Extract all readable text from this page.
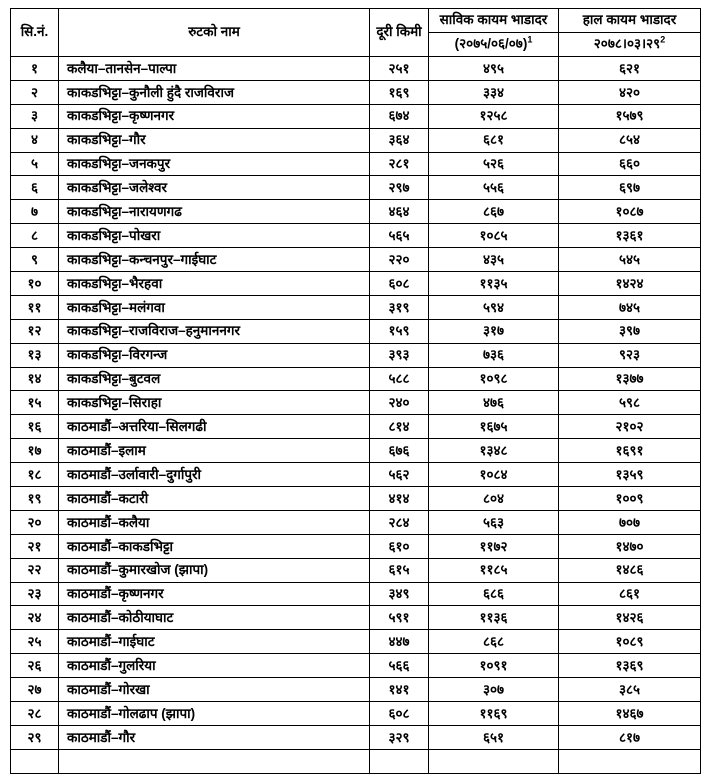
सि.नं.	रुटको नाम	दूरी किमी	साविक कायम भाडादर	हाल कायम भाडादर
			(२०७५/०६/०७)$^1$	२०७८।०३।२९$^2$
१	कलैया–तानसेन–पाल्पा	२५१	४९५	६२१
२	काकडभिट्टा–कुनौली हुंदै राजविराज	१६९	३३४	४२०
३	काकडभिट्टा–कृष्णनगर	६७४	१२५८	१५७९
४	काकडभिट्टा–गौर	३६४	६८१	८५४
५	काकडभिट्टा–जनकपुर	२८१	५२६	६६०
६	काकडभिट्टा–जलेश्वर	२९७	५५६	६९७
७	काकडभिट्टा–नारायणगढ	४६४	८६७	१०८७
८	काकडभिट्टा–पोखरा	५६५	१०८५	१३६१
९	काकडभिट्टा–कन्चनपुर–गाईघाट	२२०	४३५	५४५
१०	काकडभिट्टा–भैरहवा	६०८	११३५	१४२४
११	काकडभिट्टा–मलंगवा	३१९	५९४	७४५
१२	काकडभिट्टा–राजविराज–हनुमाननगर	१५९	३१७	३९७
१३	काकडभिट्टा–विरगन्ज	३९३	७३६	९२३
१४	काकडभिट्टा–बुटवल	५८८	१०९८	१३७७
१५	काकडभिट्टा–सिराहा	२४०	४७६	५९८
१६	काठमाडौं–अत्तरिया–सिलगढी	८१४	१६७५	२१०२
१७	काठमाडौं–इलाम	६७६	१३४८	१६९१
१८	काठमाडौं–उर्लावारी–दुर्गापुरी	५६२	१०८४	१३५९
१९	काठमाडौं–कटारी	४१४	८०४	१००९
२०	काठमाडौं–कलैया	२८४	५६३	७०७
२१	काठमाडौं–काकडभिट्टा	६१०	११७२	१४७०
२२	काठमाडौं–कुमारखोज (झापा)	६१५	११८५	१४८६
२३	काठमाडौं–कृष्णनगर	३४९	६८६	८६१
२४	काठमाडौं–कोठीयाघाट	५९१	११३६	१४२६
२५	काठमाडौं–गाईघाट	४४७	८६८	१०८९
२६	काठमाडौं–गुलरिया	५६६	१०९१	१३६९
२७	काठमाडौं–गोरखा	१४१	३०७	३८५
२८	काठमाडौं–गोलढाप (झापा)	६०८	११६९	१४६७
२९	काठमाडौं–गौर	३२९	६५१	८१७
